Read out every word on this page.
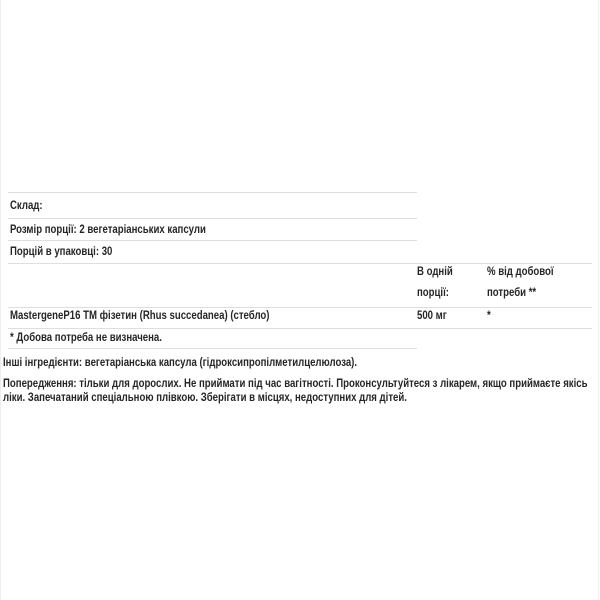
Склад:
Розмір порції: 2 вегетаріанських капсули
Порцій в упаковці: 30
В одній
порції:
% від добової
потреби **
MastergeneP16 TM фізетин (Rhus succedanea) (стебло)	500 мг	*
* Добова потреба не визначена.
Інші інгредієнти: вегетаріанська капсула (гідроксипропілметилцелюлоза).
Попередження: тільки для дорослих. Не приймати під час вагітності. Проконсультуйтеся з лікарем, якщо приймаєте якісь
ліки. Запечатаний спеціальною плівкою. Зберігати в місцях, недоступних для дітей.
